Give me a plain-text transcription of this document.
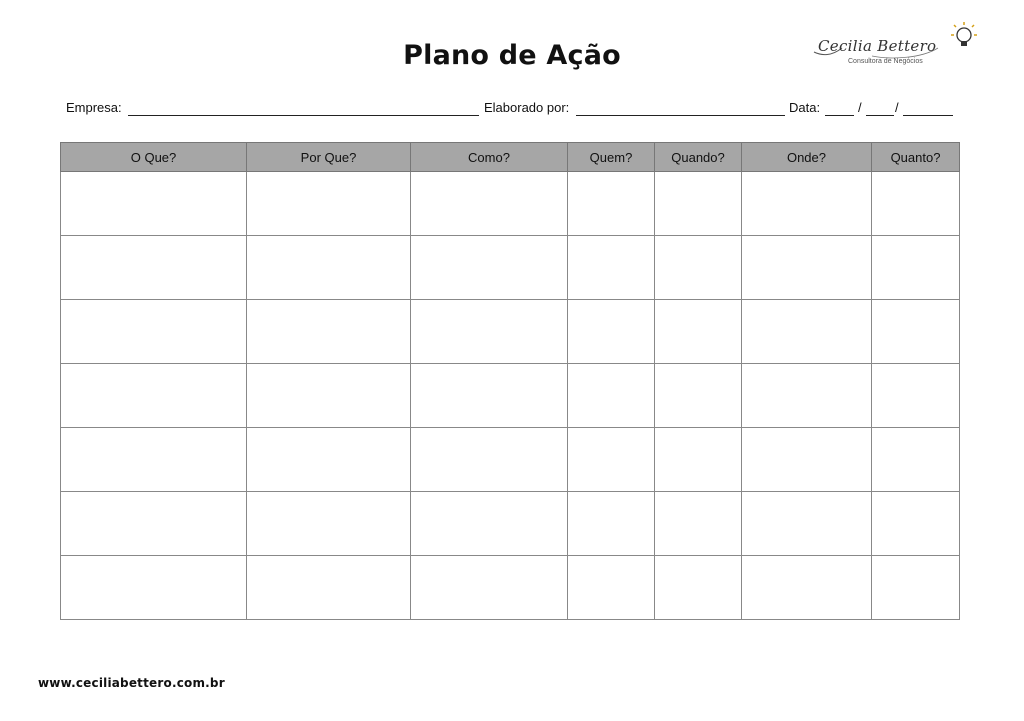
Plano de Ação	Cecilia Bettero
Consultora de Negócios
Empresa:	Elaborado por:	Data:	/	/
O Que?	Por Que?	Como?	Quem?	Quando?	Onde?	Quanto?

www.ceciliabettero.com.br
